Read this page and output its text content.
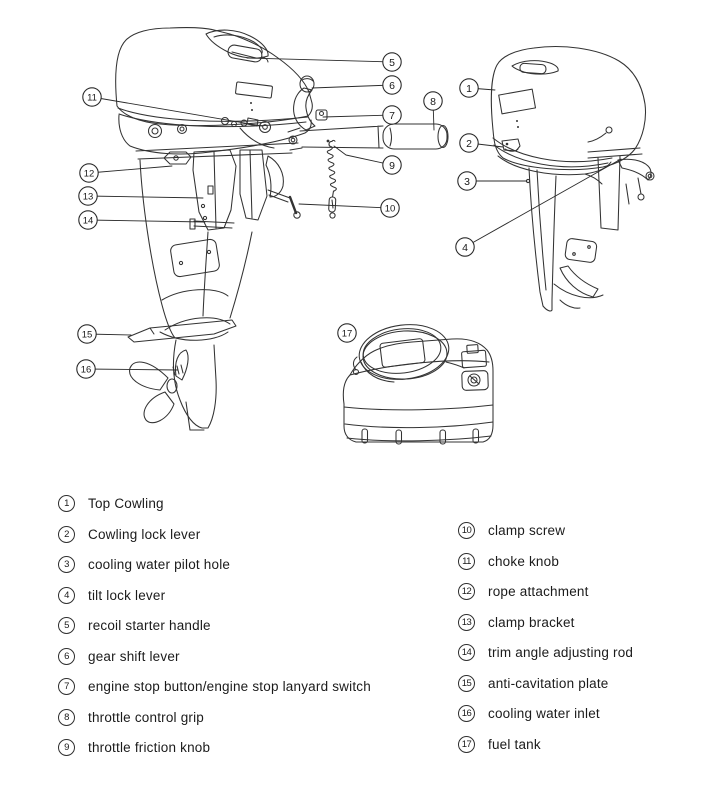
1
2
3
4
5
6
7
8
9
10
11
12
13
14
15
16
17
1	Top Cowling
2	Cowling lock lever
3	cooling water pilot hole
4	tilt lock lever
5	recoil starter handle
6	gear shift lever
7	engine stop button/engine stop lanyard switch
8	throttle control grip
9	throttle friction knob
10 clamp screw
11	choke knob
12 rope attachment
13 clamp bracket
14 trim angle adjusting rod
15 anti-cavitation plate
16 cooling water inlet
17 fuel tank
